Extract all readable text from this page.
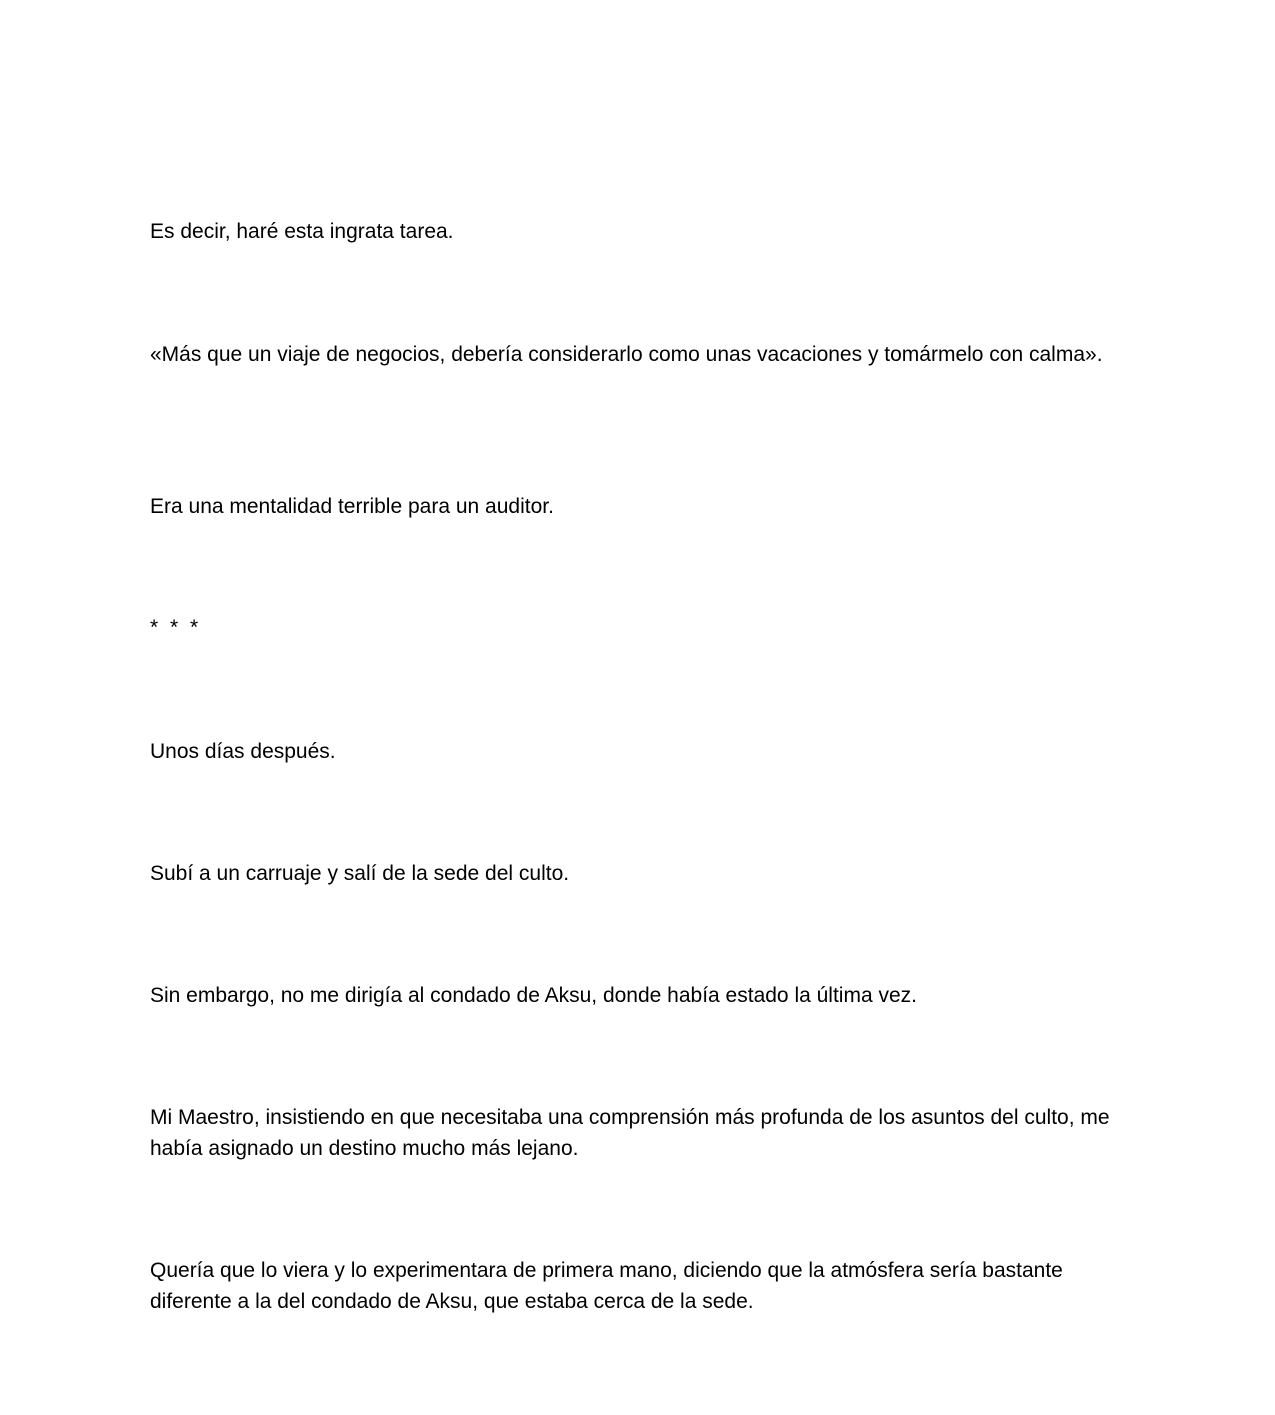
Es decir, haré esta ingrata tarea.

«Más que un viaje de negocios, debería considerarlo como unas vacaciones y tomármelo con calma».

Era una mentalidad terrible para un auditor.

* * *

Unos días después.

Subí a un carruaje y salí de la sede del culto.

Sin embargo, no me dirigía al condado de Aksu, donde había estado la última vez.

Mi Maestro, insistiendo en que necesitaba una comprensión más profunda de los asuntos del culto, me había asignado un destino mucho más lejano.

Quería que lo viera y lo experimentara de primera mano, diciendo que la atmósfera sería bastante diferente a la del condado de Aksu, que estaba cerca de la sede.
